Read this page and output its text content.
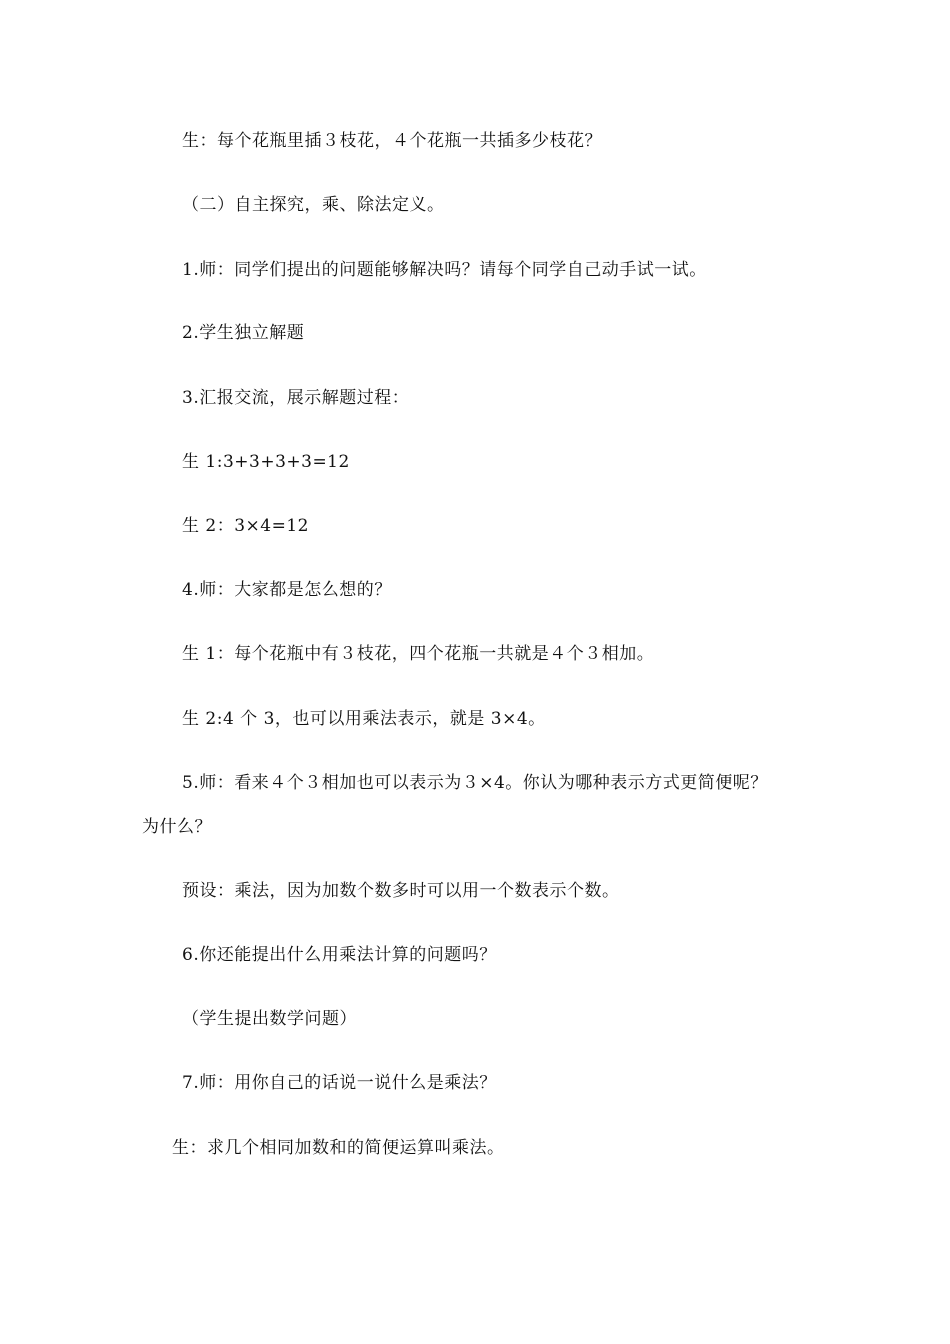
生：每个花瓶里插３枝花，４个花瓶一共插多少枝花？

（二）自主探究，乘、除法定义。

1.师：同学们提出的问题能够解决吗？请每个同学自己动手试一试。

2.学生独立解题

3.汇报交流，展示解题过程：

生 1:3+3+3+3=12

生 2：3×4=12

4.师：大家都是怎么想的？

生 1：每个花瓶中有３枝花，四个花瓶一共就是４个３相加。

生 2:4 个 3，也可以用乘法表示，就是 3×4。

5.师：看来４个３相加也可以表示为３×4。你认为哪种表示方式更简便呢？

为什么？

预设：乘法，因为加数个数多时可以用一个数表示个数。

6.你还能提出什么用乘法计算的问题吗？

（学生提出数学问题）

7.师：用你自己的话说一说什么是乘法？

生：求几个相同加数和的简便运算叫乘法。
